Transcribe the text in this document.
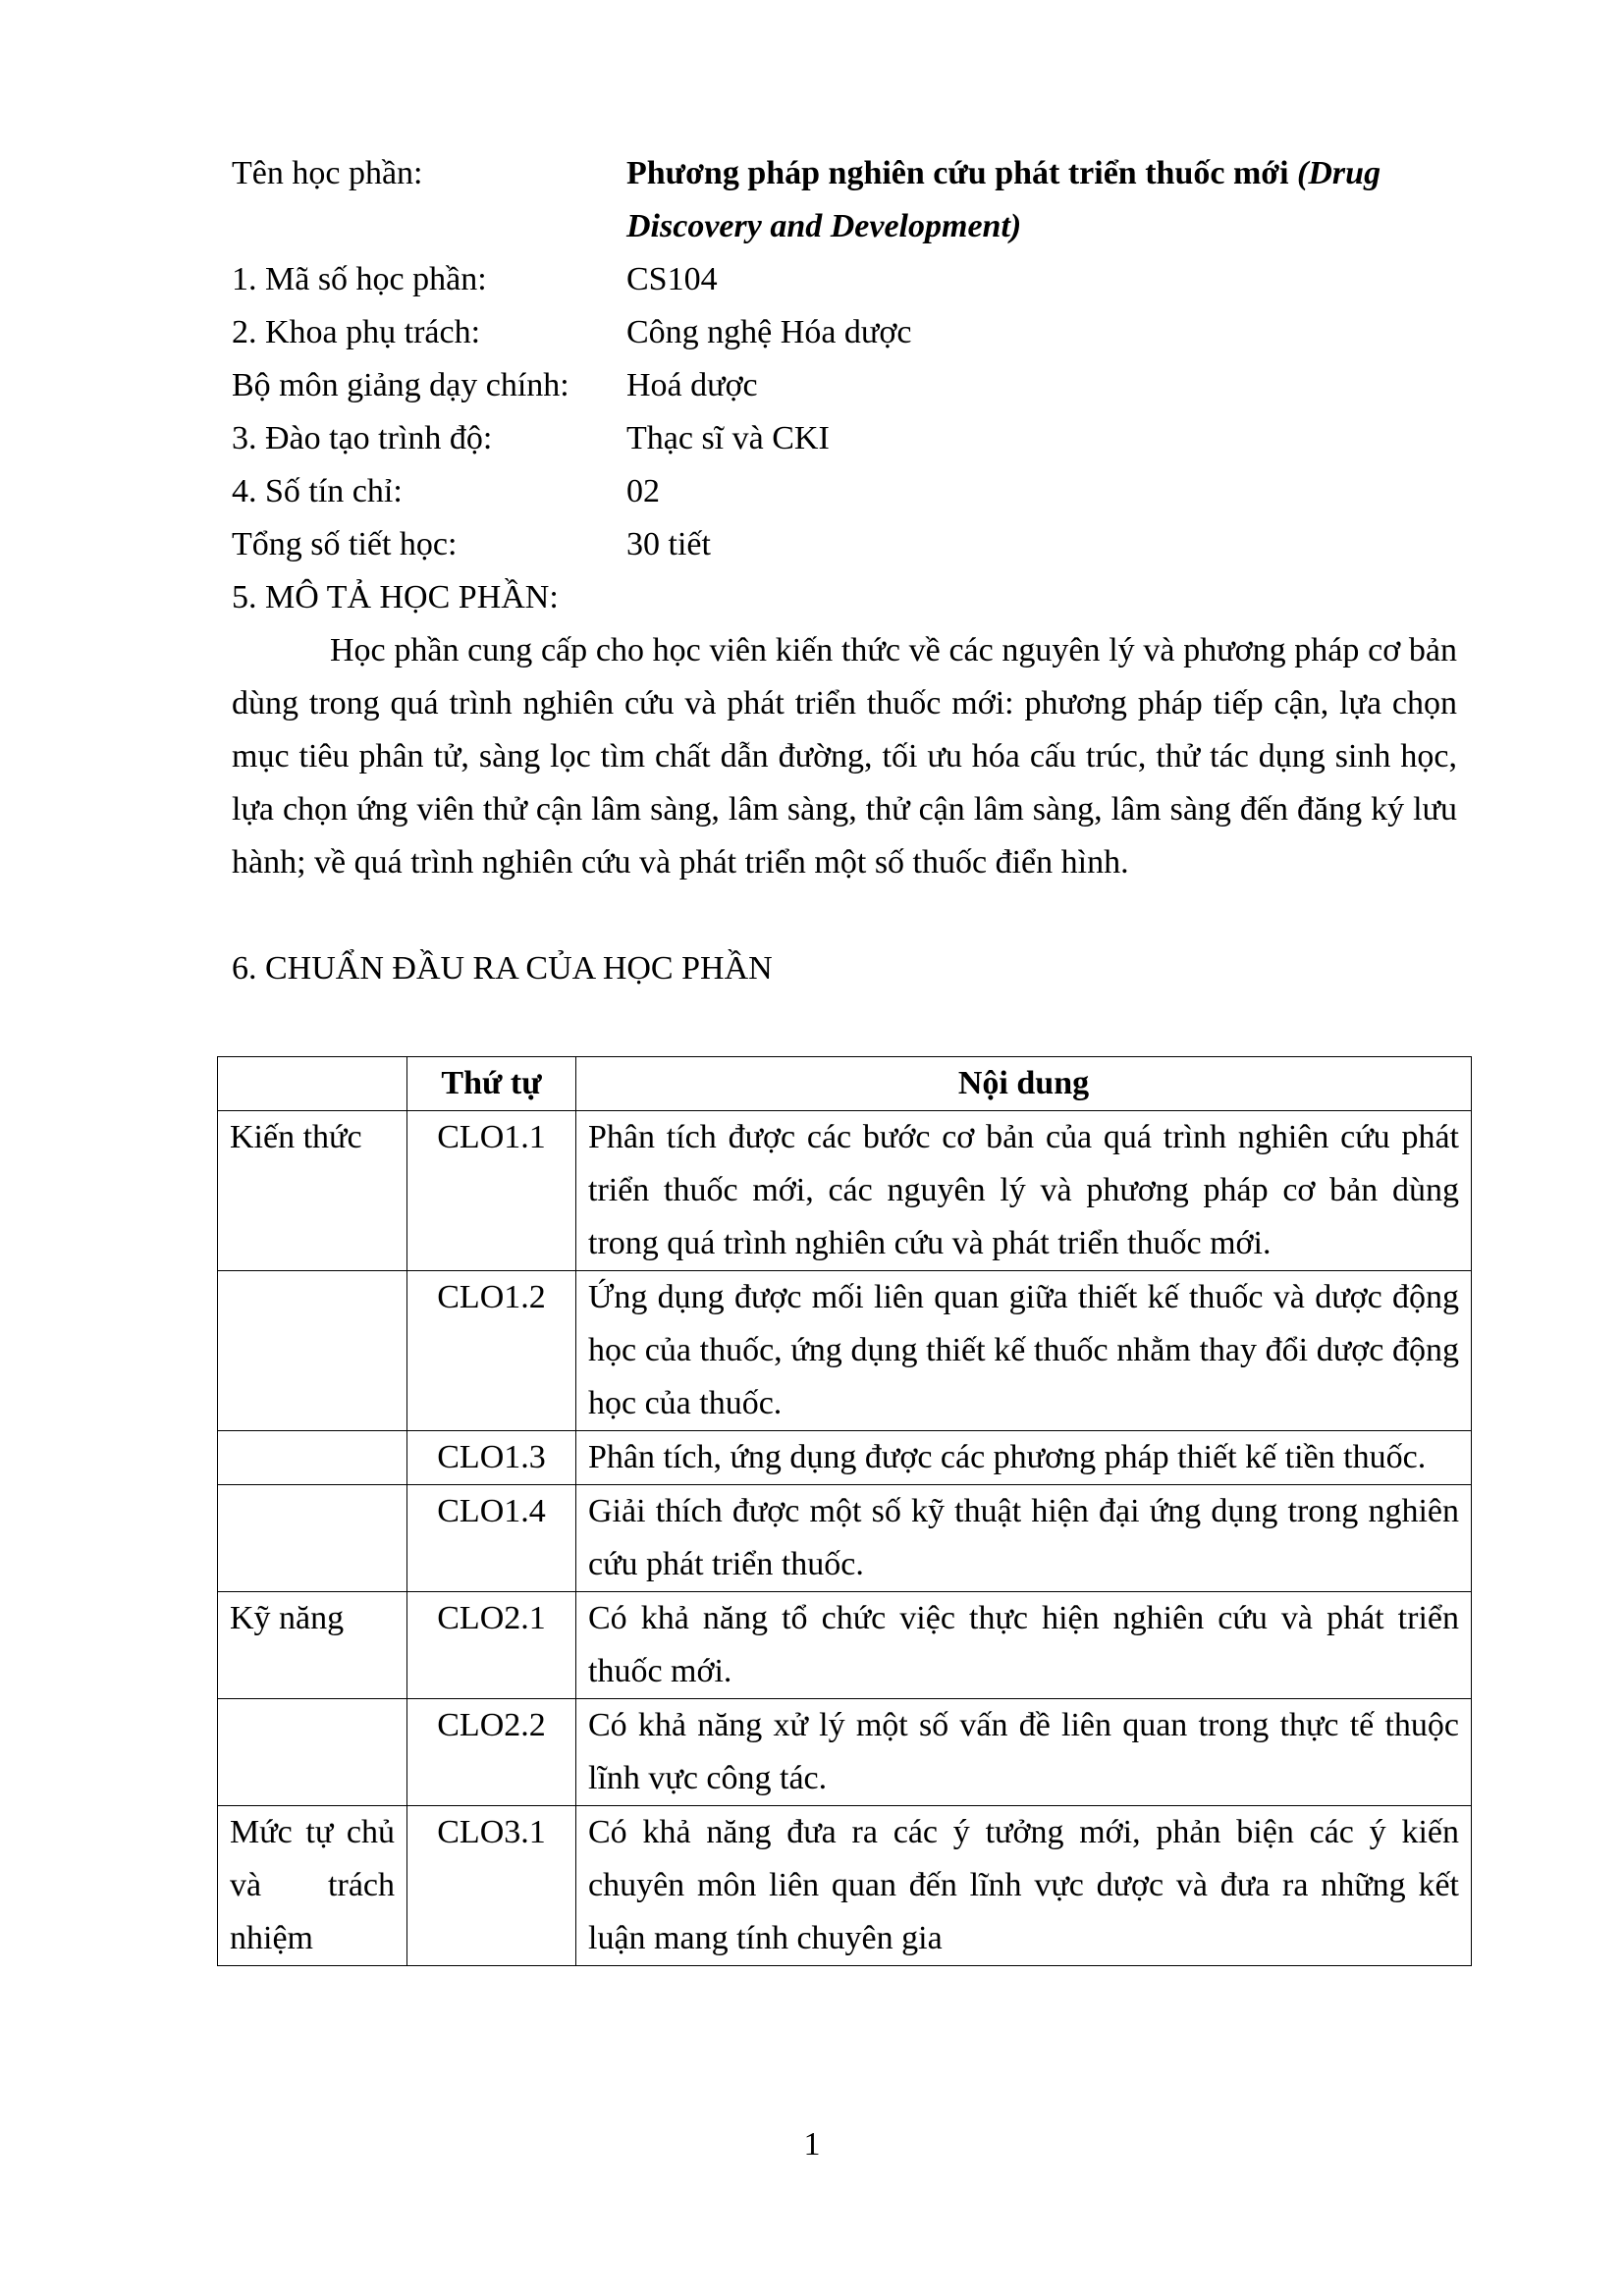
Tên học phần:	Phương pháp nghiên cứu phát triển thuốc mới (Drug Discovery and Development)
1. Mã số học phần:	CS104
2. Khoa phụ trách:	Công nghệ Hóa dược
Bộ môn giảng dạy chính:	Hoá dược
3. Đào tạo trình độ:	Thạc sĩ và CKI
4. Số tín chỉ:	02
Tổng số tiết học:	30 tiết
5. MÔ TẢ HỌC PHẦN:
Học phần cung cấp cho học viên kiến thức về các nguyên lý và phương pháp cơ bản dùng trong quá trình nghiên cứu và phát triển thuốc mới: phương pháp tiếp cận, lựa chọn mục tiêu phân tử, sàng lọc tìm chất dẫn đường, tối ưu hóa cấu trúc, thử tác dụng sinh học, lựa chọn ứng viên thử cận lâm sàng, lâm sàng, thử cận lâm sàng, lâm sàng đến đăng ký lưu hành; về quá trình nghiên cứu và phát triển một số thuốc điển hình.
6. CHUẨN ĐẦU RA CỦA HỌC PHẦN
	Thứ tự	Nội dung
Kiến thức	CLO1.1	Phân tích được các bước cơ bản của quá trình nghiên cứu phát triển thuốc mới, các nguyên lý và phương pháp cơ bản dùng trong quá trình nghiên cứu và phát triển thuốc mới.
	CLO1.2	Ứng dụng được mối liên quan giữa thiết kế thuốc và dược động học của thuốc, ứng dụng thiết kế thuốc nhằm thay đổi dược động học của thuốc.
	CLO1.3	Phân tích, ứng dụng được các phương pháp thiết kế tiền thuốc.
	CLO1.4	Giải thích được một số kỹ thuật hiện đại ứng dụng trong nghiên cứu phát triển thuốc.
Kỹ năng	CLO2.1	Có khả năng tổ chức việc thực hiện nghiên cứu và phát triển thuốc mới.
	CLO2.2	Có khả năng xử lý một số vấn đề liên quan trong thực tế thuộc lĩnh vực công tác.
Mức tự chủ và trách nhiệm	CLO3.1	Có khả năng đưa ra các ý tưởng mới, phản biện các ý kiến chuyên môn liên quan đến lĩnh vực dược và đưa ra những kết luận mang tính chuyên gia
1
